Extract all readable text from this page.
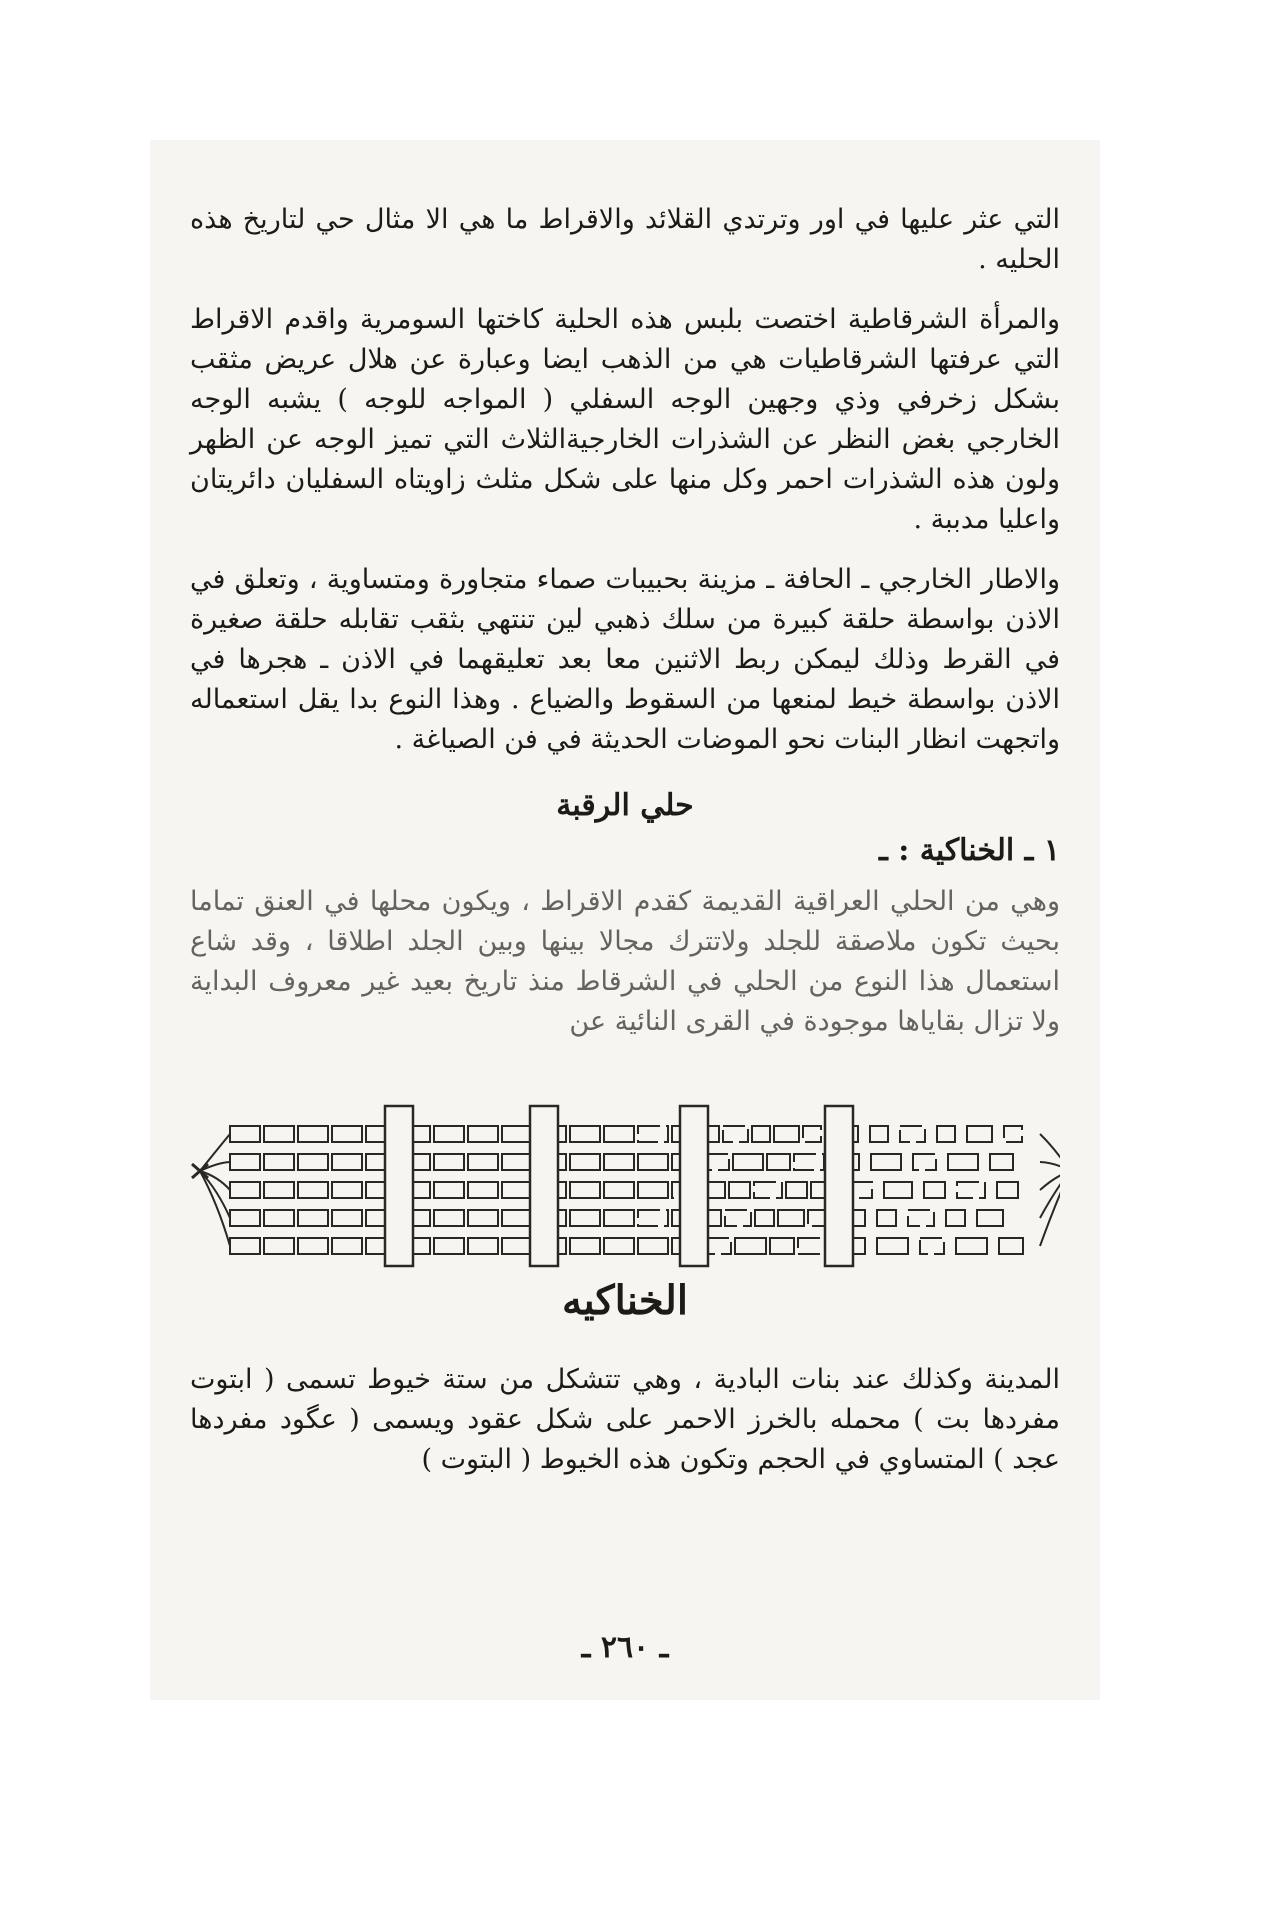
التي عثر عليها في اور وترتدي القلائد والاقراط ما هي الا مثال حي لتاريخ هذه الحليه .

والمرأة الشرقاطية اختصت بلبس هذه الحلية كاختها السومرية واقدم الاقراط التي عرفتها الشرقاطيات هي من الذهب ايضا وعبارة عن هلال عريض مثقب بشكل زخرفي وذي وجهين الوجه السفلي ( المواجه للوجه ) يشبه الوجه الخارجي بغض النظر عن الشذرات الخارجيةالثلاث التي تميز الوجه عن الظهر ولون هذه الشذرات احمر وكل منها على شكل مثلث زاويتاه السفليان دائريتان واعليا مدببة .

والاطار الخارجي ـ الحافة ـ مزينة بحبيبات صماء متجاورة ومتساوية ، وتعلق في الاذن بواسطة حلقة كبيرة من سلك ذهبي لين تنتهي بثقب تقابله حلقة صغيرة في القرط وذلك ليمكن ربط الاثنين معا بعد تعليقهما في الاذن ـ هجرها في الاذن بواسطة خيط لمنعها من السقوط والضياع . وهذا النوع بدا يقل استعماله واتجهت انظار البنات نحو الموضات الحديثة في فن الصياغة .

حلي الرقبة
١ ـ الخناكية : ـ

وهي من الحلي العراقية القديمة كقدم الاقراط ، ويكون محلها في العنق تماما بحيث تكون ملاصقة للجلد ولاتترك مجالا بينها وبين الجلد اطلاقا ، وقد شاع استعمال هذا النوع من الحلي في الشرقاط منذ تاريخ بعيد غير معروف البداية ولا تزال بقاياها موجودة في القرى النائية عن

الخناكيه

المدينة وكذلك عند بنات البادية ، وهي تتشكل من ستة خيوط تسمى ( ابتوت مفردها بت ) محمله بالخرز الاحمر على شكل عقود ويسمى ( عگود مفردها عجد ) المتساوي في الحجم وتكون هذه الخيوط ( البتوت )

ـ ٢٦٠ ـ
